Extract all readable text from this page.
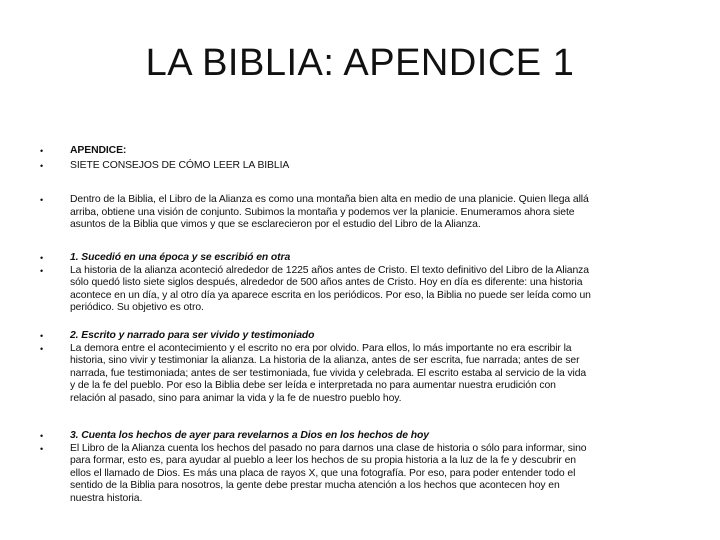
LA BIBLIA: APENDICE 1
•
•
APENDICE:
SIETE CONSEJOS DE CÓMO LEER LA BIBLIA
•	Dentro de la Biblia, el Libro de la Alianza es como una montaña bien alta en medio de una planicie. Quien llega allá
arriba, obtiene una visión de conjunto. Subimos la montaña y podemos ver la planicie. Enumeramos ahora siete
asuntos de la Biblia que vimos y que se esclarecieron por el estudio del Libro de la Alianza.
•
•
1. Sucedió en una época y se escribió en otra
La historia de la alianza aconteció alrededor de 1225 años antes de Cristo. El texto definitivo del Libro de la Alianza
sólo quedó listo siete siglos después, alrededor de 500 años antes de Cristo. Hoy en día es diferente: una historia
acontece en un día, y al otro día ya aparece escrita en los periódicos. Por eso, la Biblia no puede ser leída como un
periódico. Su objetivo es otro.
•
•
2. Escrito y narrado para ser vivido y testimoniado
La demora entre el acontecimiento y el escrito no era por olvido. Para ellos, lo más importante no era escribir la
historia, sino vivir y testimoniar la alianza. La historia de la alianza, antes de ser escrita, fue narrada; antes de ser
narrada, fue testimoniada; antes de ser testimoniada, fue vivida y celebrada. El escrito estaba al servicio de la vida
y de la fe del pueblo. Por eso la Biblia debe ser leída e interpretada no para aumentar nuestra erudición con
relación al pasado, sino para animar la vida y la fe de nuestro pueblo hoy.
•
•
3. Cuenta los hechos de ayer para revelarnos a Dios en los hechos de hoy
El Libro de la Alianza cuenta los hechos del pasado no para darnos una clase de historia o sólo para informar, sino
para formar, esto es, para ayudar al pueblo a leer los hechos de su propia historia a la luz de la fe y descubrir en
ellos el llamado de Dios. Es más una placa de rayos X, que una fotografía. Por eso, para poder entender todo el
sentido de la Biblia para nosotros, la gente debe prestar mucha atención a los hechos que acontecen hoy en
nuestra historia.
